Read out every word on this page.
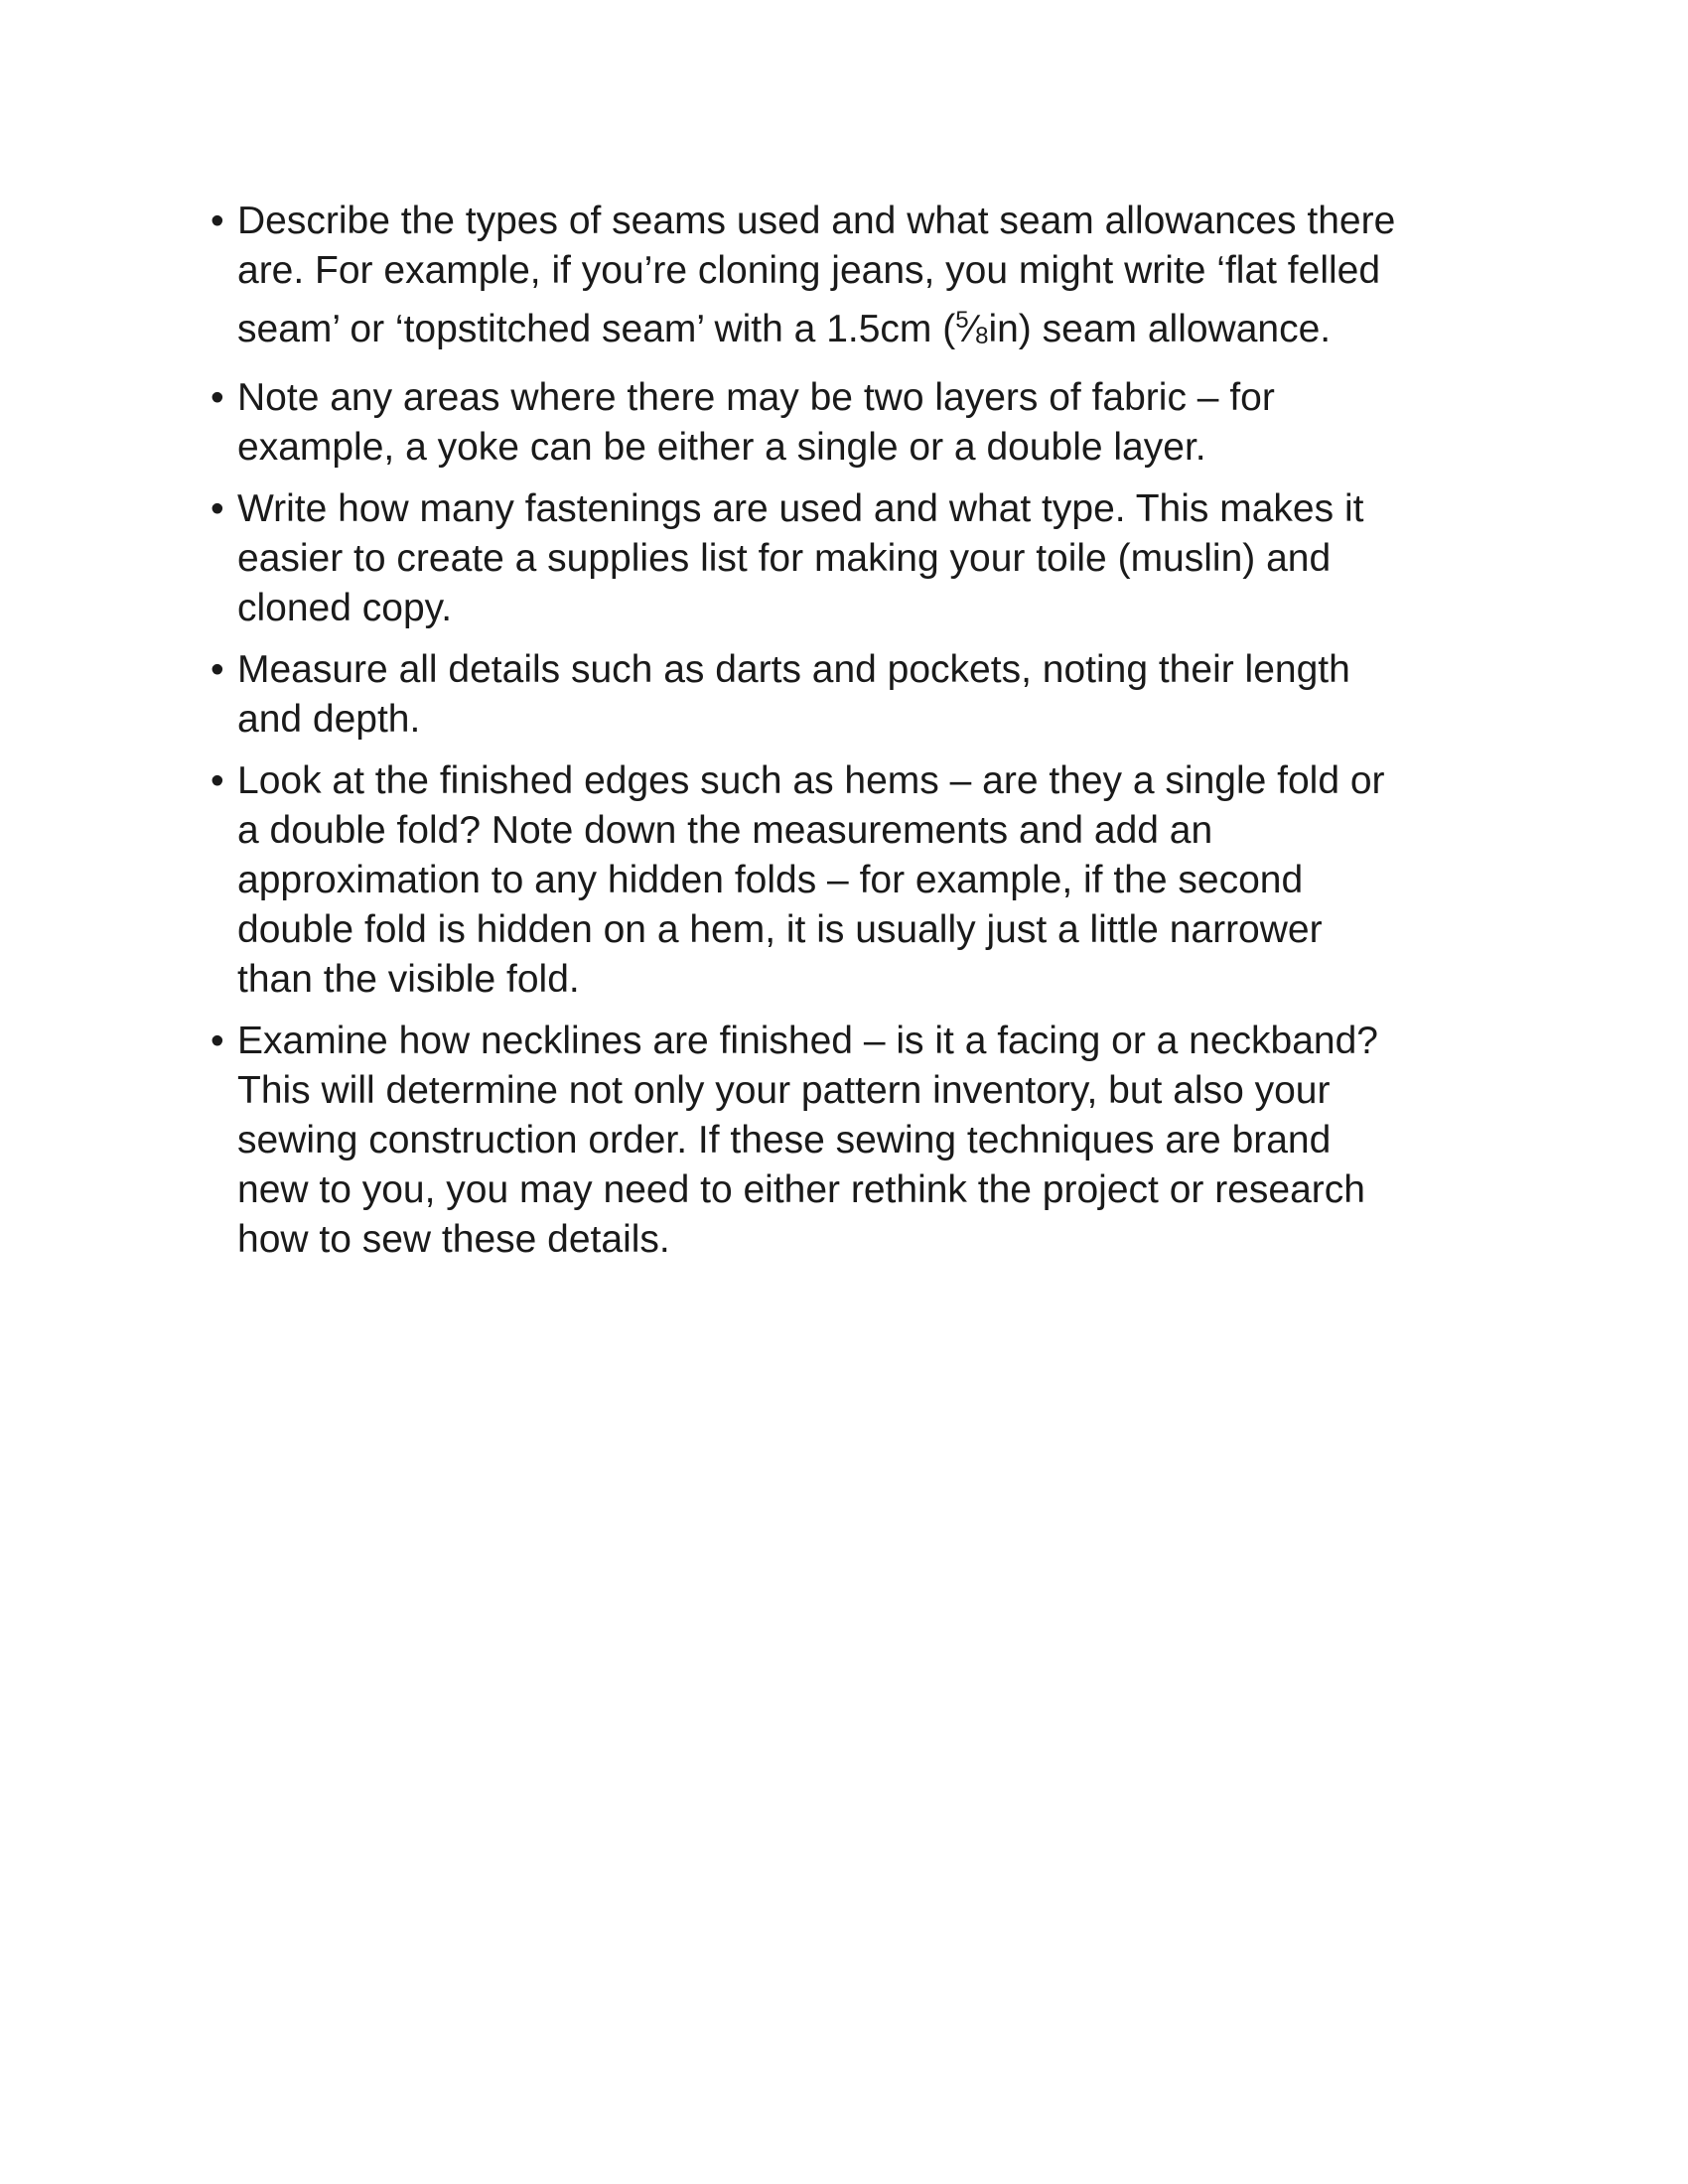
• Describe the types of seams used and what seam allowances there
are. For example, if you’re cloning jeans, you might write ‘flat felled
seam’ or ‘topstitched seam’ with a 1.5cm ($^5$⁄8in) seam allowance.
• Note any areas where there may be two layers of fabric – for
example, a yoke can be either a single or a double layer.
• Write how many fastenings are used and what type. This makes it
easier to create a supplies list for making your toile (muslin) and
cloned copy.
• Measure all details such as darts and pockets, noting their length
and depth.
• Look at the finished edges such as hems – are they a single fold or
a double fold? Note down the measurements and add an
approximation to any hidden folds – for example, if the second
double fold is hidden on a hem, it is usually just a little narrower
than the visible fold.
• Examine how necklines are finished – is it a facing or a neckband?
This will determine not only your pattern inventory, but also your
sewing construction order. If these sewing techniques are brand
new to you, you may need to either rethink the project or research
how to sew these details.
